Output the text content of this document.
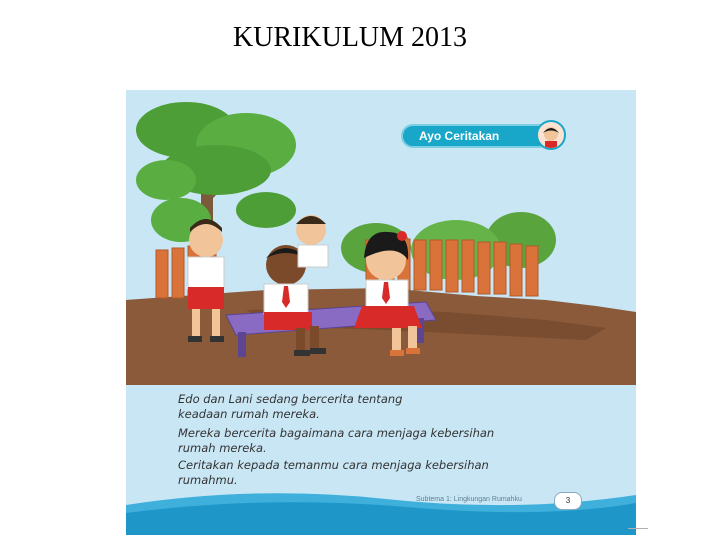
KURIKULUM 2013
Ayo Ceritakan
Edo dan Lani sedang bercerita tentang
keadaan rumah mereka.
Mereka bercerita bagaimana cara menjaga kebersihan
rumah mereka.
Ceritakan kepada temanmu cara menjaga kebersihan
rumahmu.
Subtema 1: Lingkungan Rumahku	3
